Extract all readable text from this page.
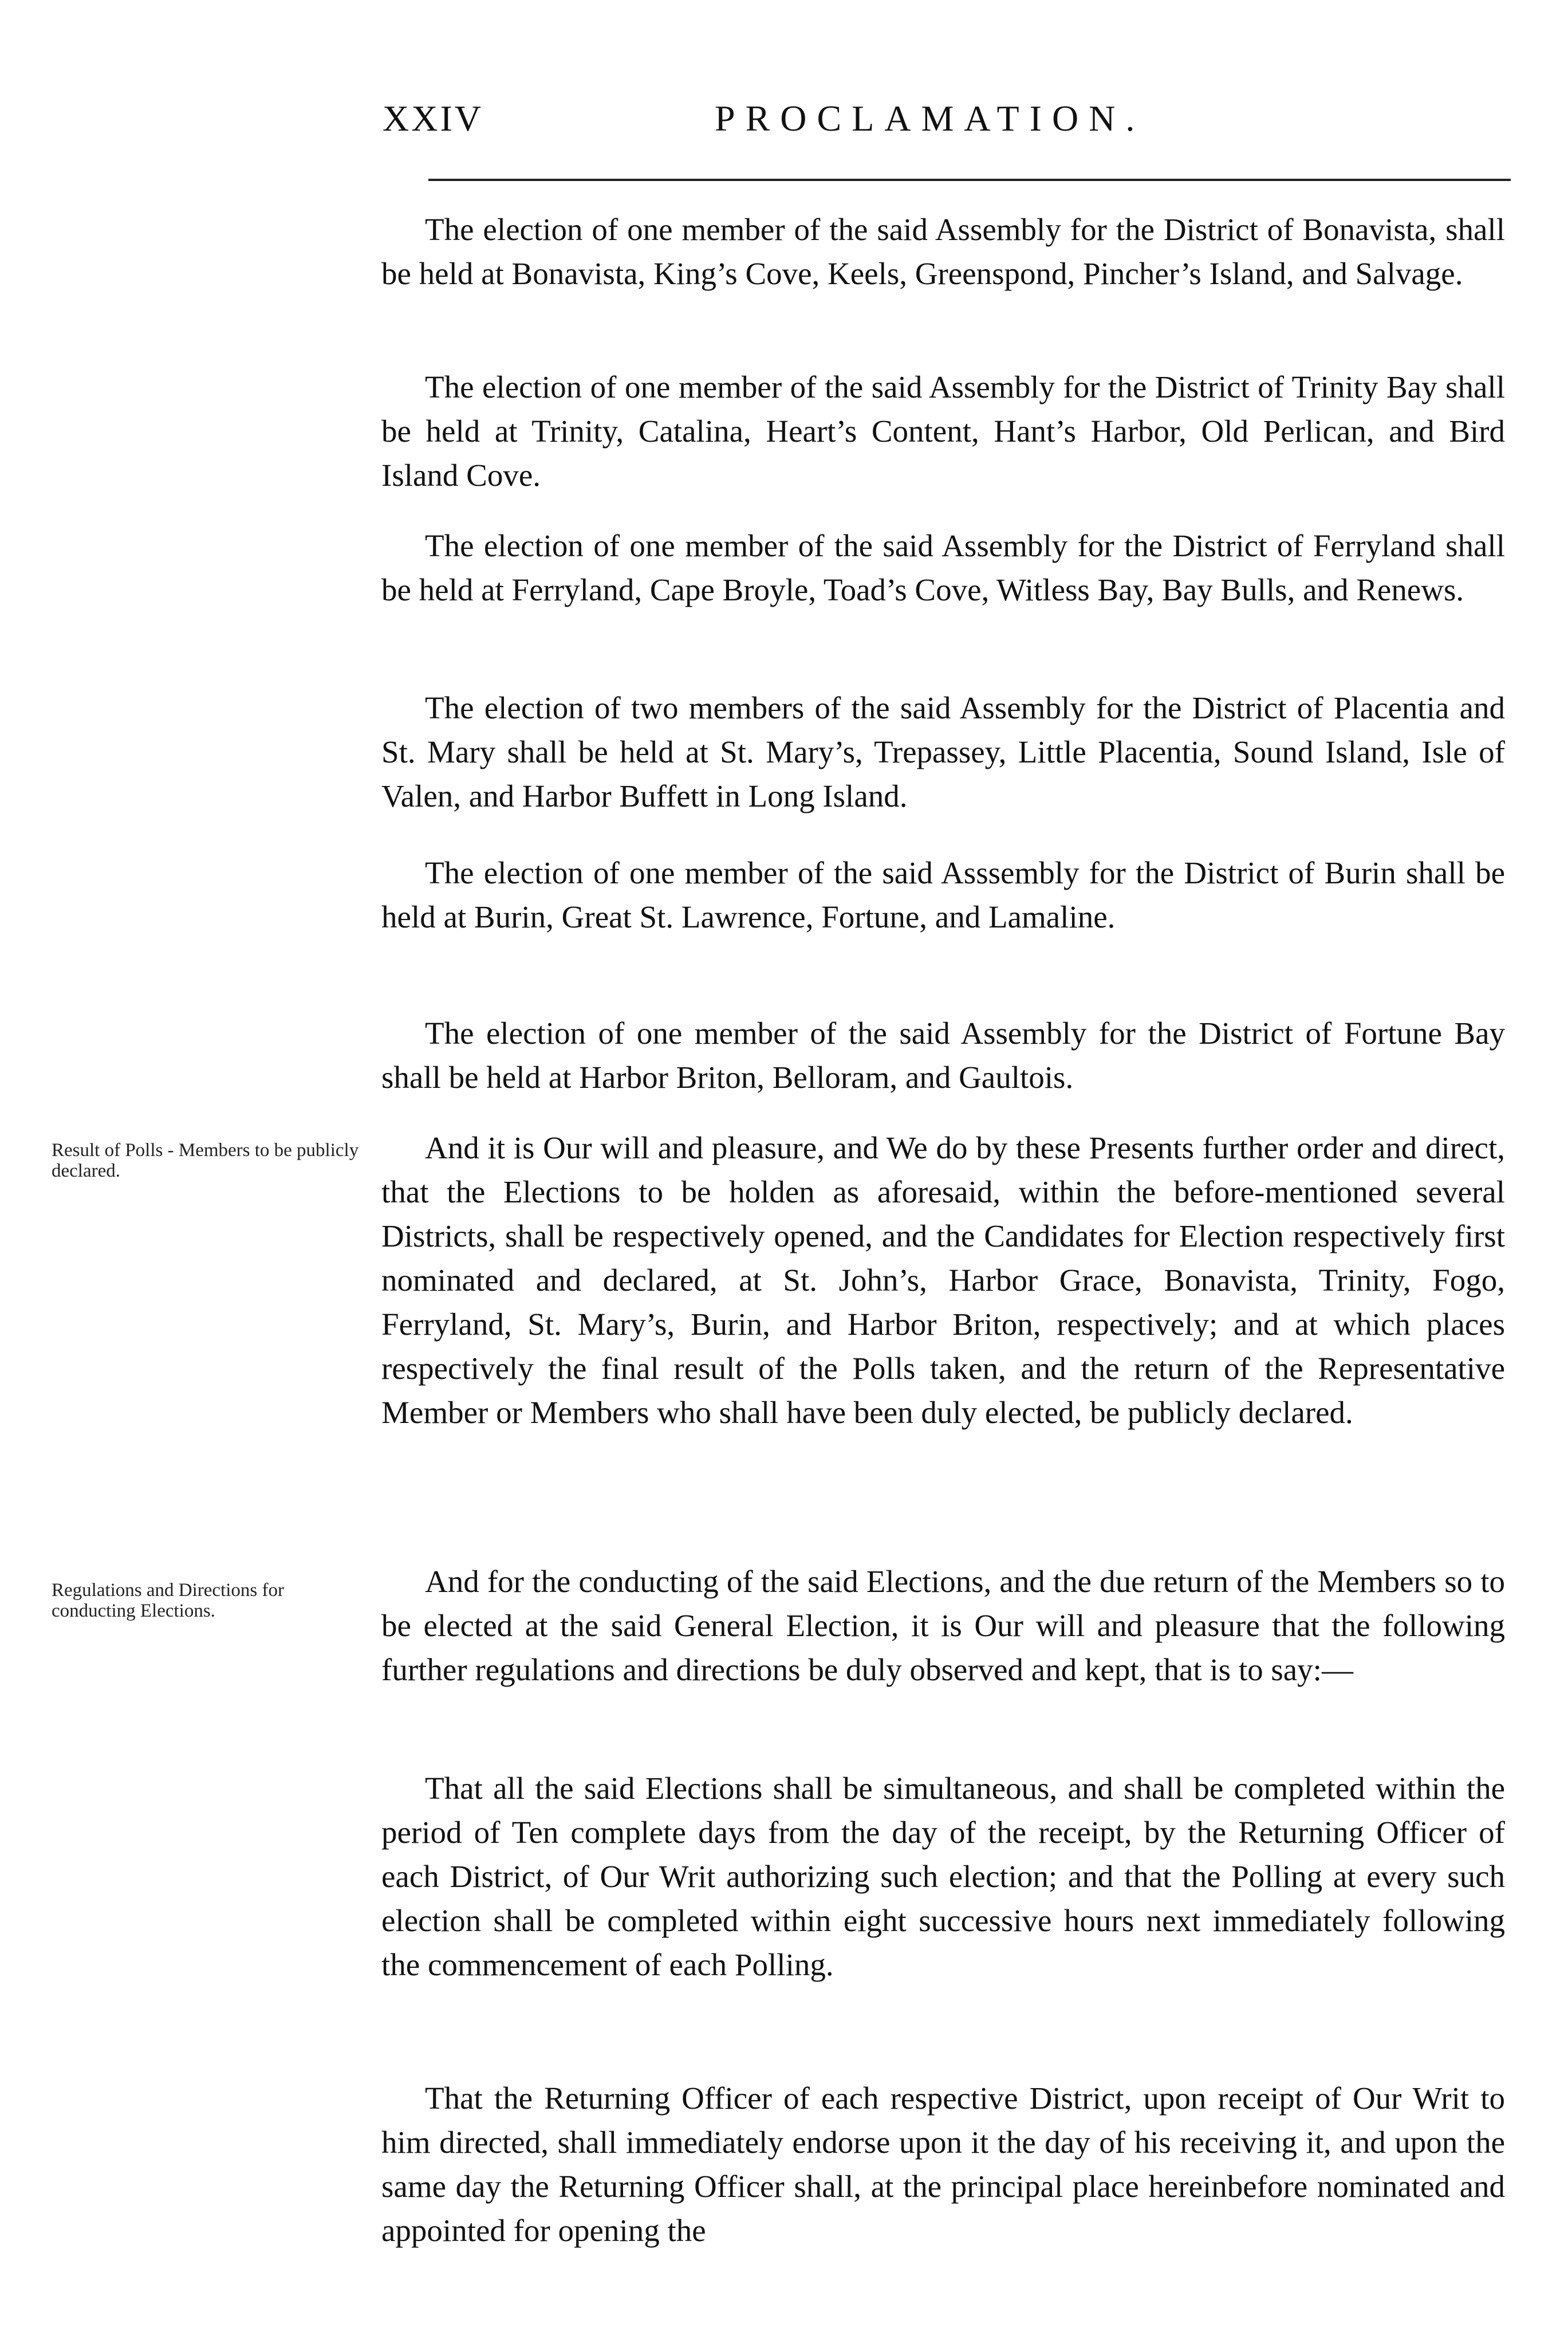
XXIV	PROCLAMATION.

The election of one member of the said Assembly for the District of Bonavista, shall be held at Bonavista, King’s Cove, Keels, Greenspond, Pincher’s Island, and Salvage.

The election of one member of the said Assembly for the District of Trinity Bay shall be held at Trinity, Catalina, Heart’s Content, Hant’s Harbor, Old Perlican, and Bird Island Cove.

The election of one member of the said Assembly for the District of Ferryland shall be held at Ferryland, Cape Broyle, Toad’s Cove, Witless Bay, Bay Bulls, and Renews.

The election of two members of the said Assembly for the District of Placentia and St. Mary shall be held at St. Mary’s, Trepassey, Little Placentia, Sound Island, Isle of Valen, and Harbor Buffett in Long Island.

The election of one member of the said Asssembly for the District of Burin shall be held at Burin, Great St. Lawrence, Fortune, and Lamaline.

The election of one member of the said Assembly for the District of Fortune Bay shall be held at Harbor Briton, Belloram, and Gaultois.

Result of Polls - Members to be publicly declared.

And it is Our will and pleasure, and We do by these Presents further order and direct, that the Elections to be holden as aforesaid, within the before-mentioned several Districts, shall be respectively opened, and the Candidates for Election respectively first nominated and declared, at St. John’s, Harbor Grace, Bonavista, Trinity, Fogo, Ferryland, St. Mary’s, Burin, and Harbor Briton, respectively; and at which places respectively the final result of the Polls taken, and the return of the Representative Member or Members who shall have been duly elected, be publicly declared.

Regulations and Directions for conducting Elections.

And for the conducting of the said Elections, and the due return of the Members so to be elected at the said General Election, it is Our will and pleasure that the following further regulations and directions be duly observed and kept, that is to say:—

That all the said Elections shall be simultaneous, and shall be completed within the period of Ten complete days from the day of the receipt, by the Returning Officer of each District, of Our Writ authorizing such election; and that the Polling at every such election shall be completed within eight successive hours next immediately following the commencement of each Polling.

That the Returning Officer of each respective District, upon receipt of Our Writ to him directed, shall immediately endorse upon it the day of his receiving it, and upon the same day the Returning Officer shall, at the principal place hereinbefore nominated and appointed for opening the
